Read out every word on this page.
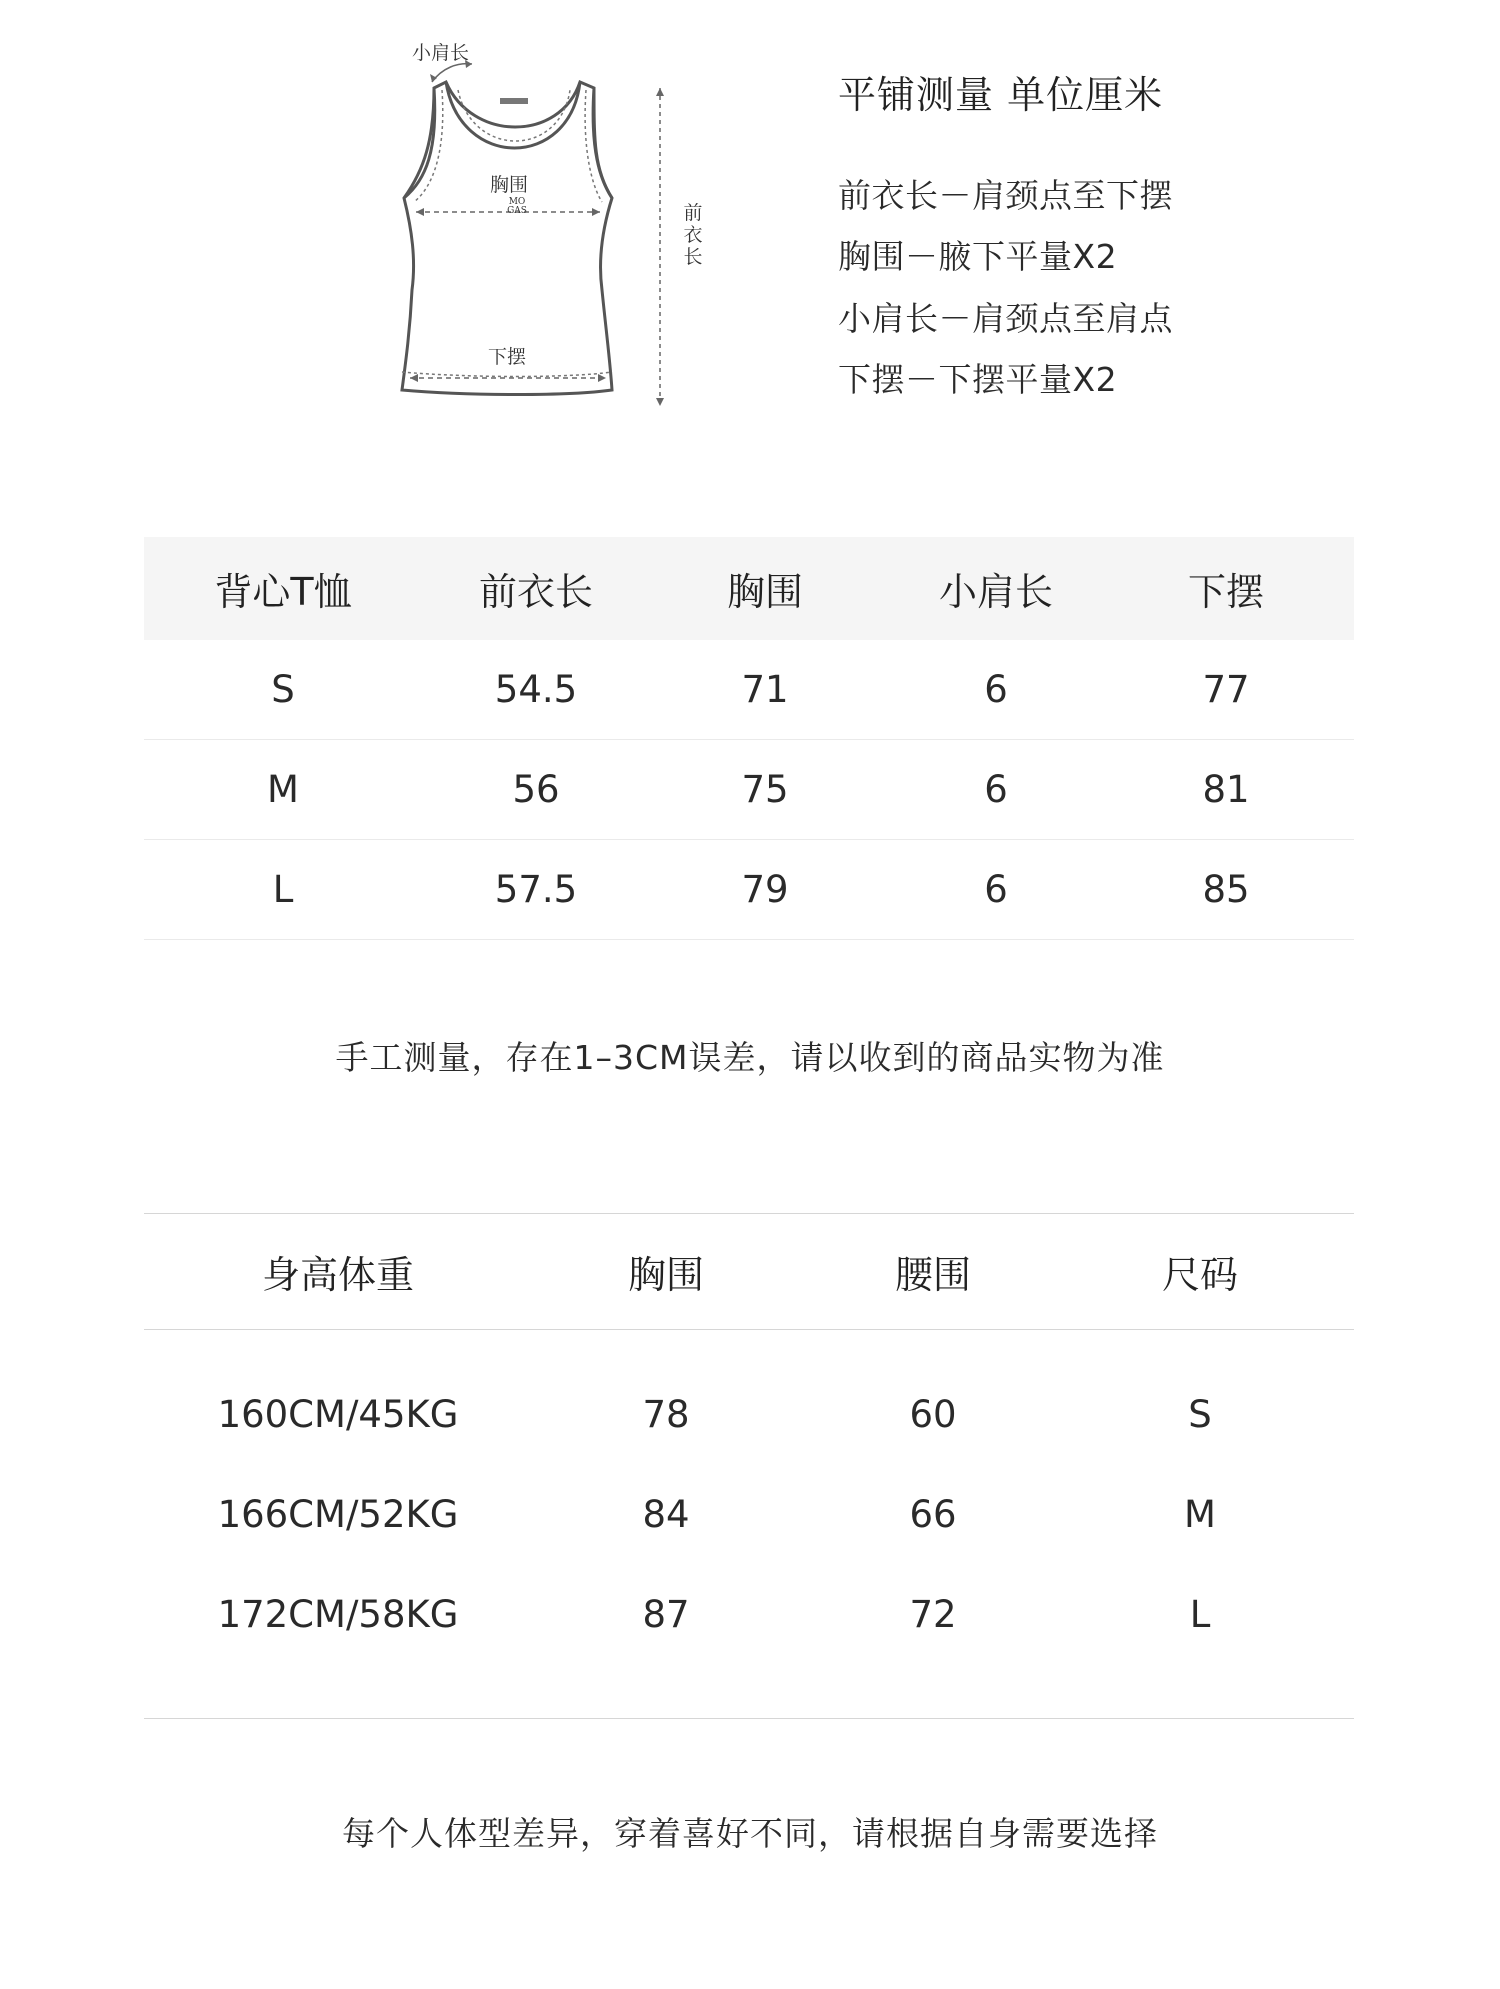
小肩长
胸围
MO GAS	前衣长
下摆
平铺测量 单位厘米
前衣长－肩颈点至下摆
胸围－腋下平量X2
小肩长－肩颈点至肩点
下摆－下摆平量X2
背心T恤	前衣长	胸围	小肩长	下摆
S	54.5	71	6	77
M	56	75	6	81
L	57.5	79	6	85
手工测量，存在1–3CM误差，请以收到的商品实物为准
身高体重	胸围	腰围	尺码
160CM/45KG	78	60	S
166CM/52KG	84	66	M
172CM/58KG	87	72	L
每个人体型差异，穿着喜好不同，请根据自身需要选择
